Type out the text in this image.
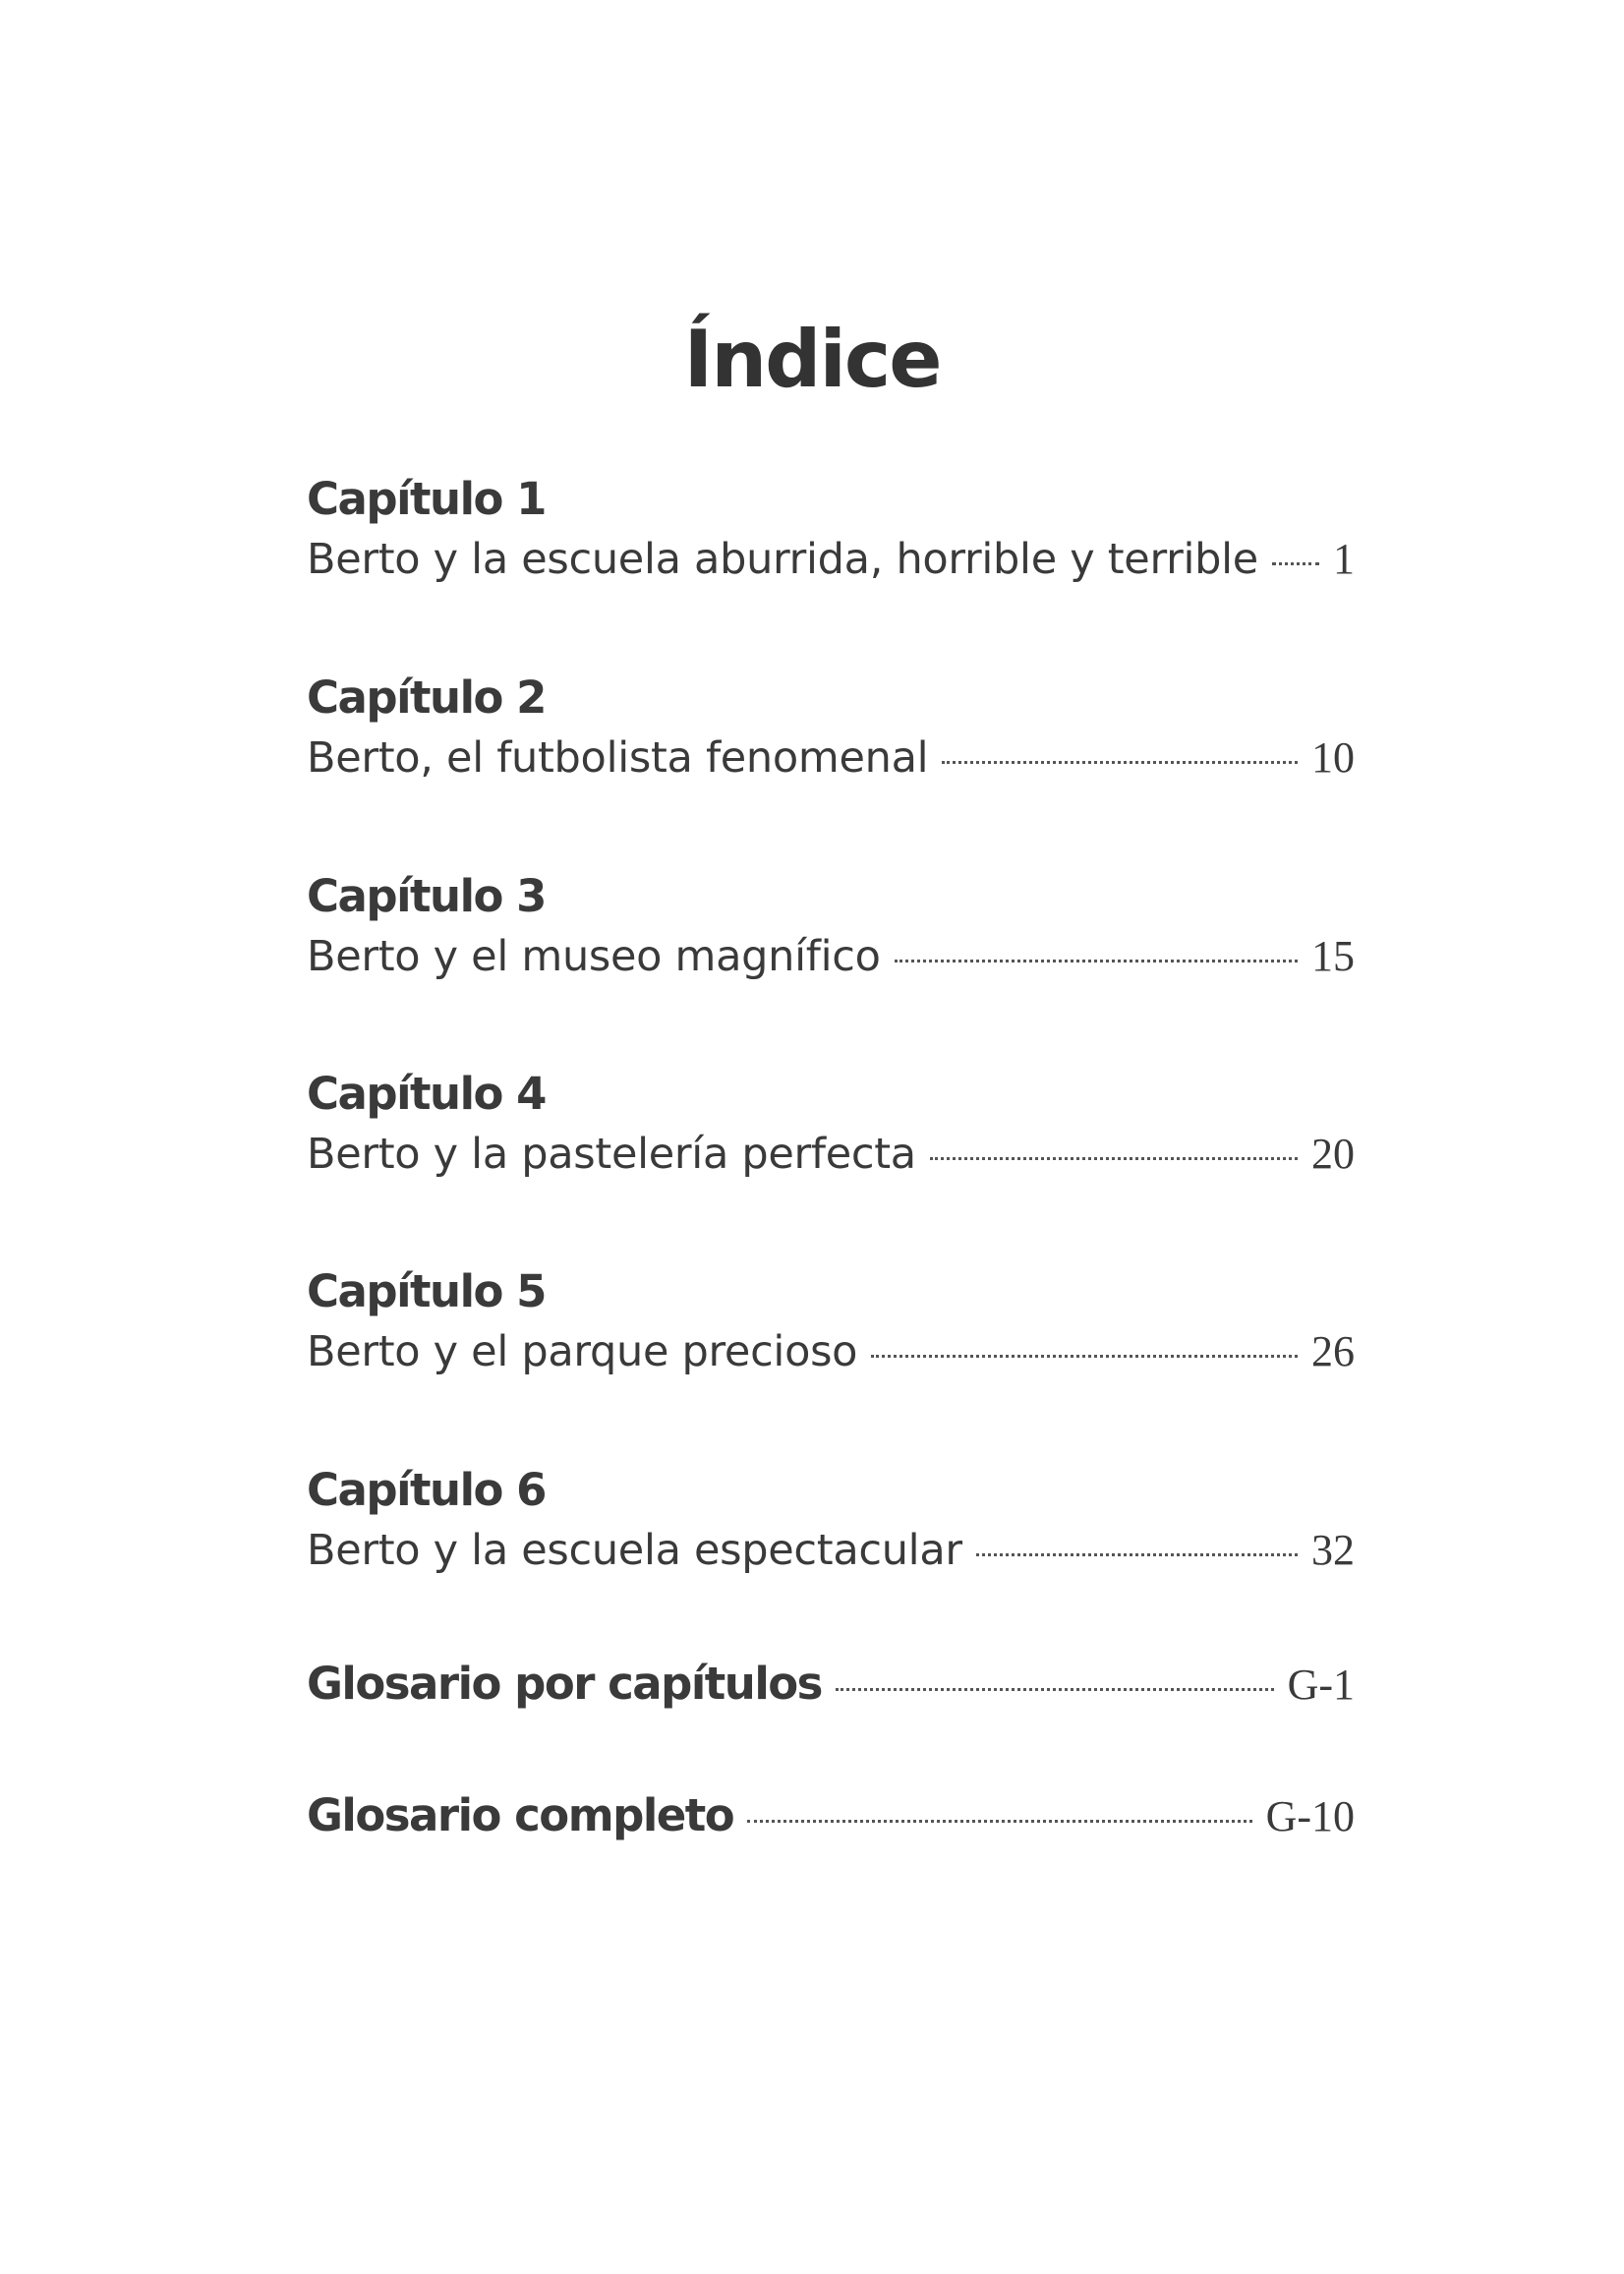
Índice
Capítulo 1
Berto y la escuela aburrida, horrible y terrible 1
Capítulo 2
Berto, el futbolista fenomenal	10
Capítulo 3
Berto y el museo magnífico	15
Capítulo 4
Berto y la pastelería perfecta	20
Capítulo 5
Berto y el parque precioso	26
Capítulo 6
Berto y la escuela espectacular	32
Glosario por capítulos	G-1
Glosario completo	G-10
